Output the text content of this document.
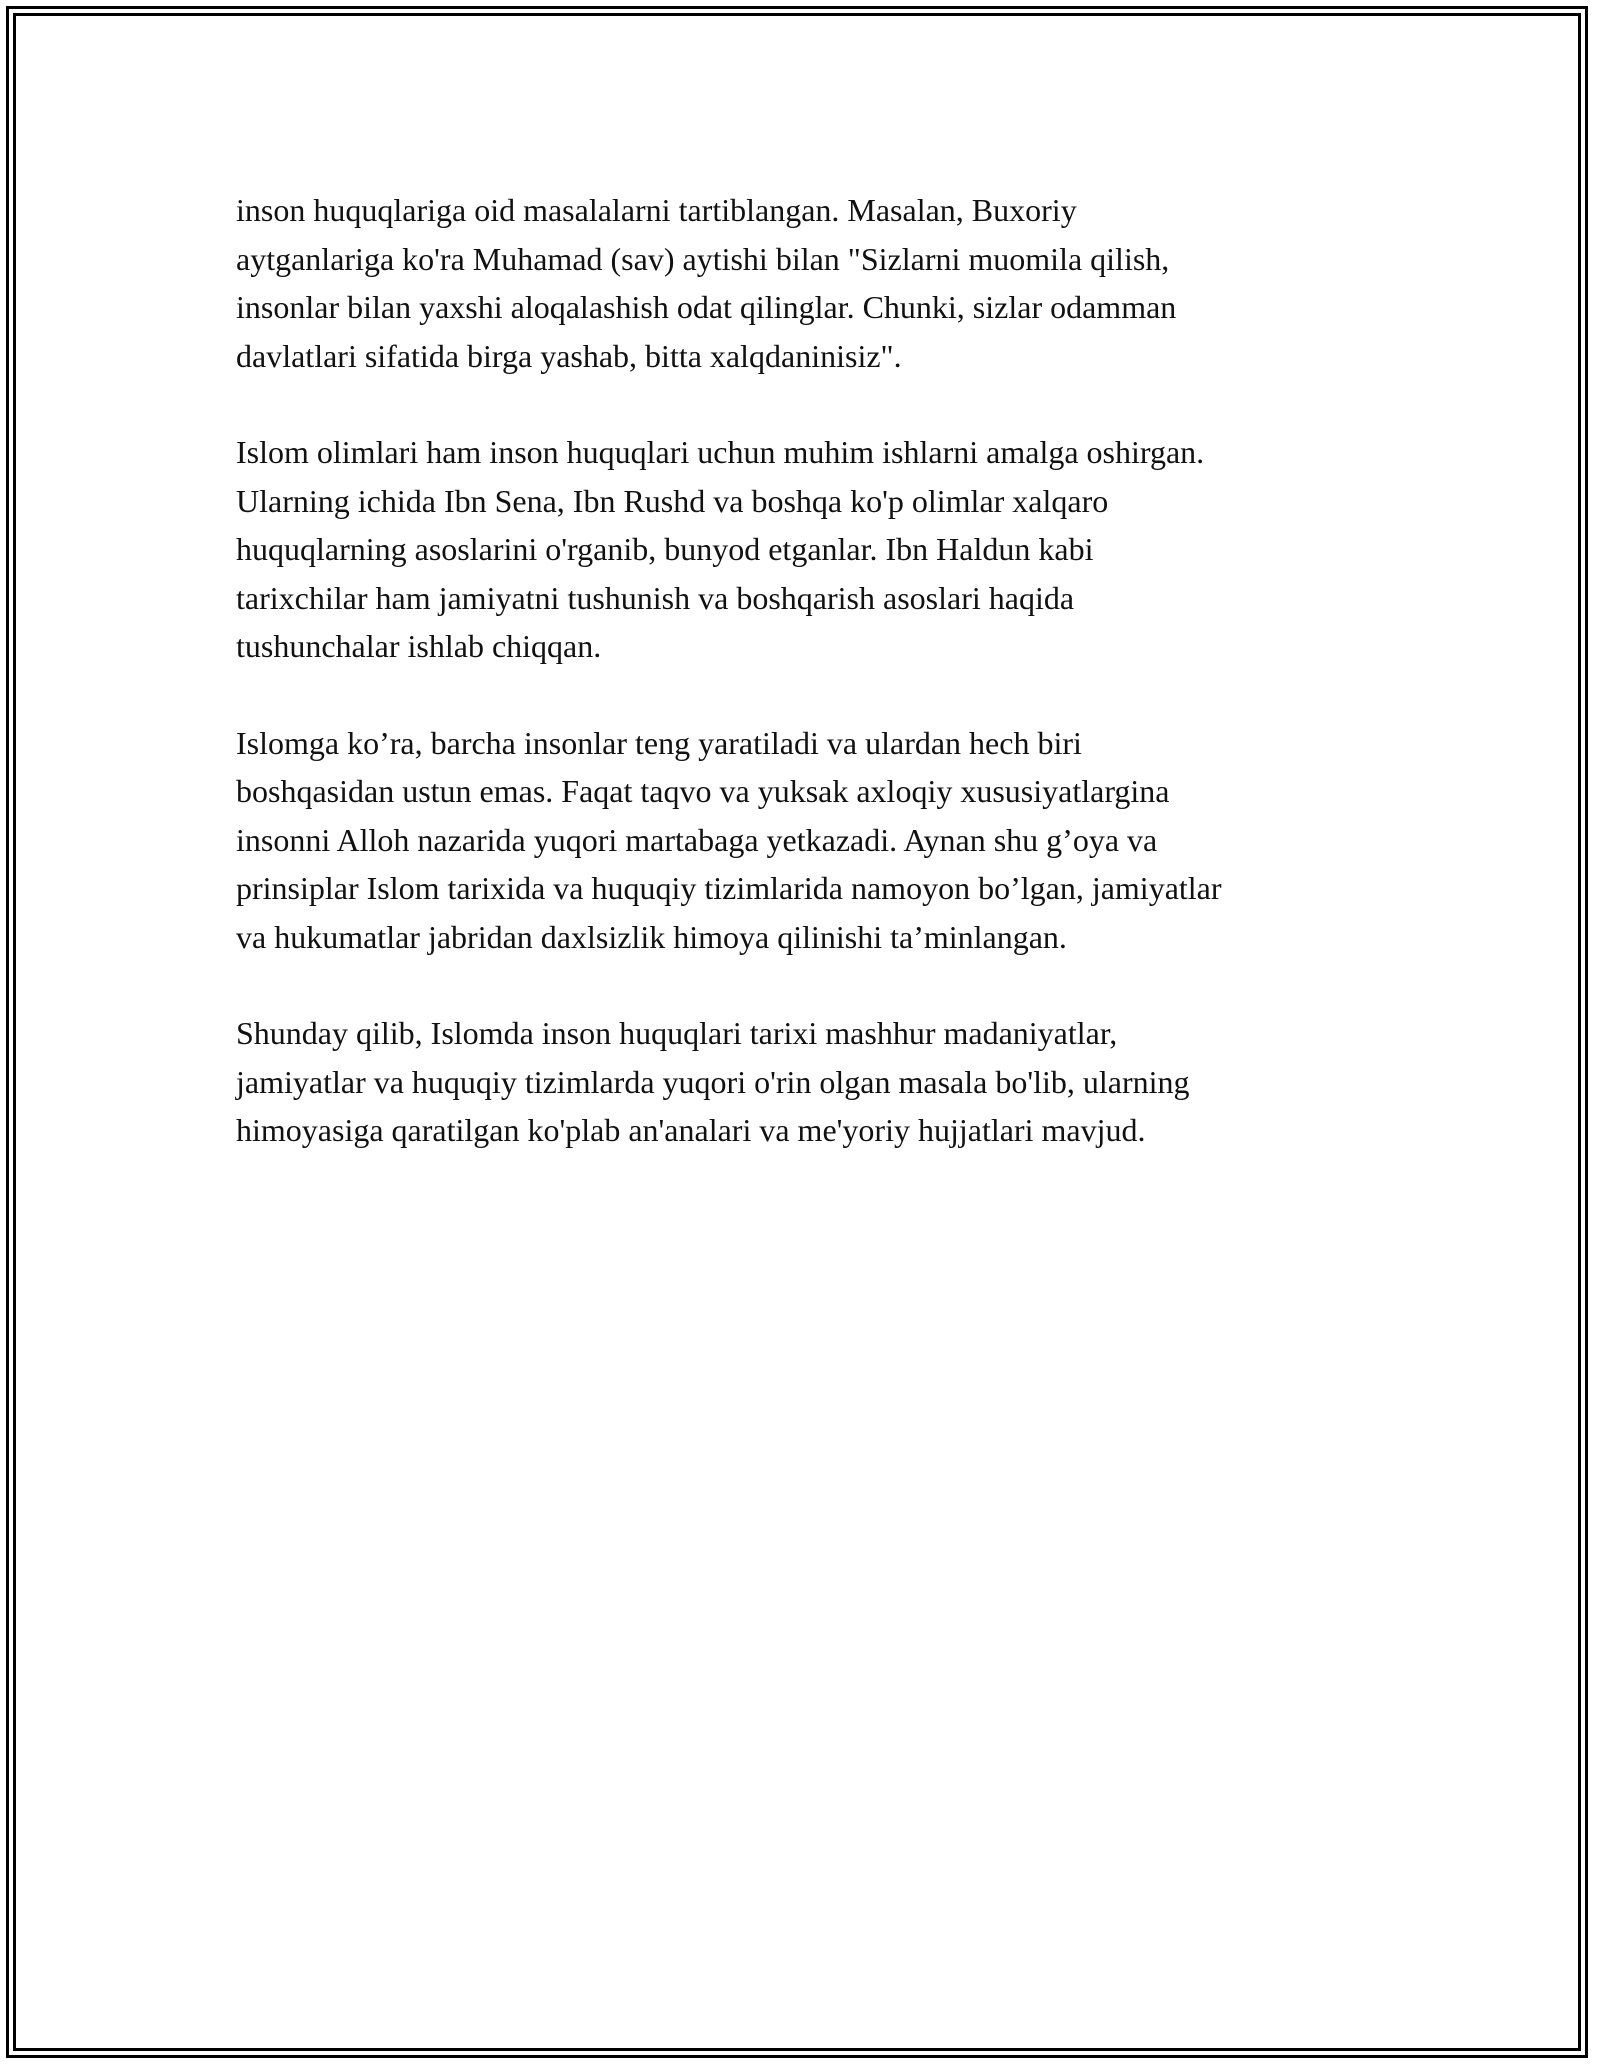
inson huquqlariga oid masalalarni tartiblangan. Masalan, Buxoriy
aytganlariga ko'ra Muhamad (sav) aytishi bilan "Sizlarni muomila qilish,
insonlar bilan yaxshi aloqalashish odat qilinglar. Chunki, sizlar odamman
davlatlari sifatida birga yashab, bitta xalqdaninisiz".

Islom olimlari ham inson huquqlari uchun muhim ishlarni amalga oshirgan.
Ularning ichida Ibn Sena, Ibn Rushd va boshqa ko'p olimlar xalqaro
huquqlarning asoslarini o'rganib, bunyod etganlar. Ibn Haldun kabi
tarixchilar ham jamiyatni tushunish va boshqarish asoslari haqida
tushunchalar ishlab chiqqan.

Islomga ko’ra, barcha insonlar teng yaratiladi va ulardan hech biri
boshqasidan ustun emas. Faqat taqvo va yuksak axloqiy xususiyatlargina
insonni Alloh nazarida yuqori martabaga yetkazadi. Aynan shu g’oya va
prinsiplar Islom tarixida va huquqiy tizimlarida namoyon bo’lgan, jamiyatlar
va hukumatlar jabridan daxlsizlik himoya qilinishi ta’minlangan.

Shunday qilib, Islomda inson huquqlari tarixi mashhur madaniyatlar,
jamiyatlar va huquqiy tizimlarda yuqori o'rin olgan masala bo'lib, ularning
himoyasiga qaratilgan ko'plab an'analari va me'yoriy hujjatlari mavjud.
